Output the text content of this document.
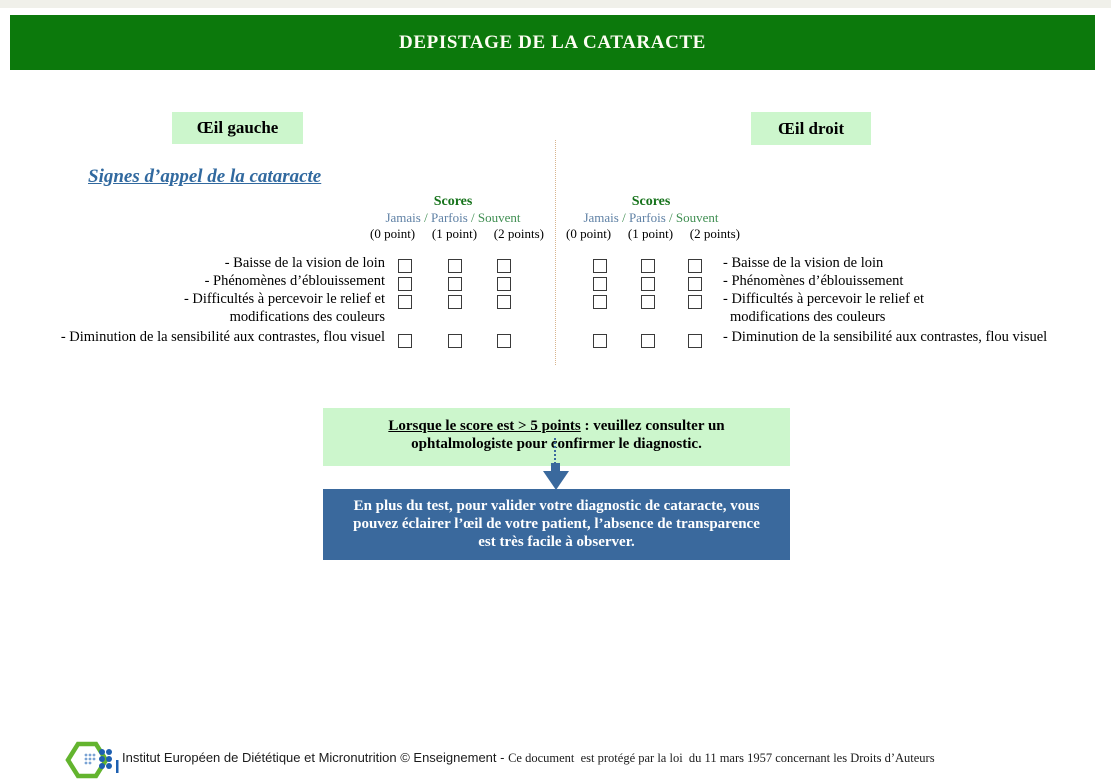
DEPISTAGE DE LA CATARACTE
Œil gauche	Œil droit
Signes d’appel de la cataracte
Scores
Jamais / Parfois / Souvent
(0 point) (1 point) (2 points)
Scores
Jamais / Parfois / Souvent
(0 point) (1 point) (2 points)
- Baisse de la vision de loin
- Phénomènes d’éblouissement
- Difficultés à percevoir le relief et
modifications des couleurs
- Diminution de la sensibilité aux contrastes, flou visuel
- Baisse de la vision de loin
- Phénomènes d’éblouissement
- Difficultés à percevoir le relief et
modifications des couleurs
- Diminution de la sensibilité aux contrastes, flou visuel
Lorsque le score est > 5 points : veuillez consulter un
ophtalmologiste pour confirmer le diagnostic.
En plus du test, pour valider votre diagnostic de cataracte, vous
pouvez éclairer l’œil de votre patient, l’absence de transparence
est très facile à observer.
Institut Européen de Diététique et Micronutrition © Enseignement - Ce document  est protégé par la loi  du 11 mars 1957 concernant les Droits d’Auteurs
